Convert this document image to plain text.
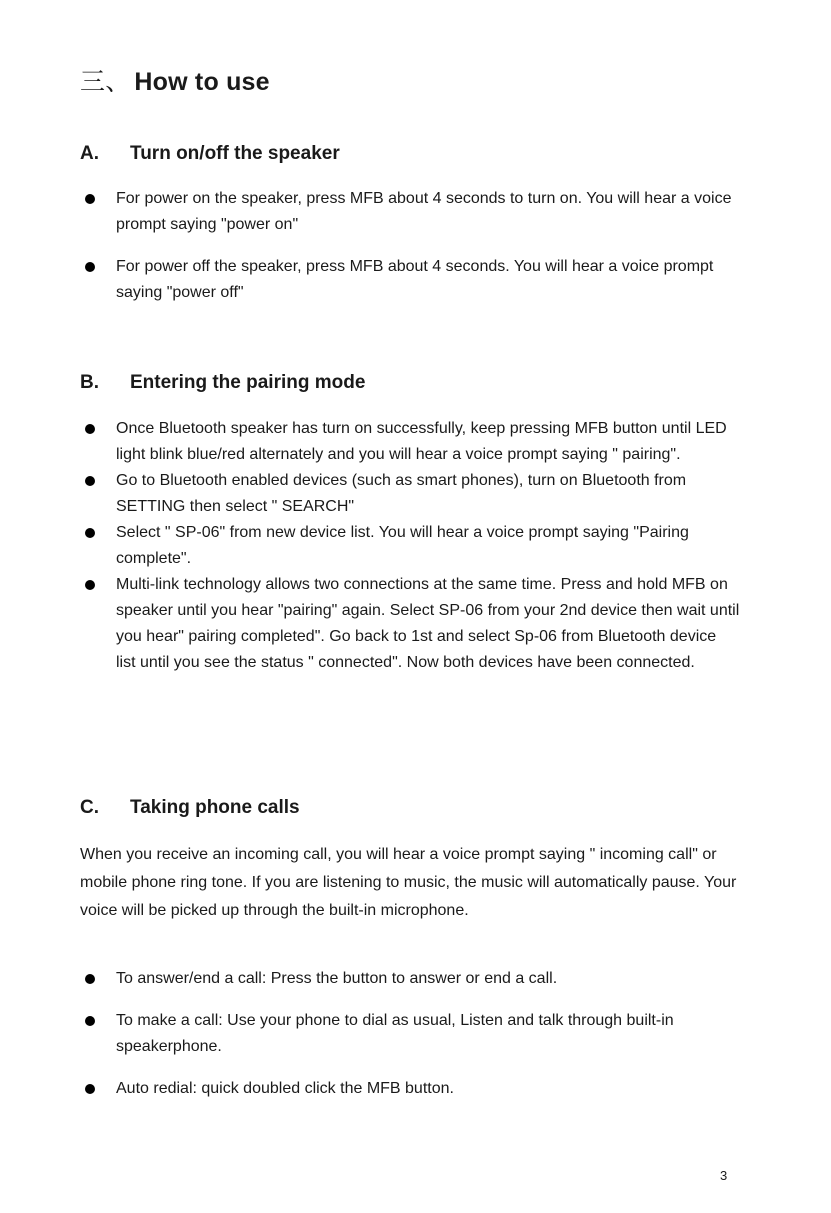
三、 How to use
A. Turn on/off the speaker
For power on the speaker, press MFB about 4 seconds to turn on. You will hear a voice prompt saying "power on"
For power off the speaker, press MFB about 4 seconds. You will hear a voice prompt saying "power off"
B. Entering the pairing mode
Once Bluetooth speaker has turn on successfully, keep pressing MFB button until LED light blink blue/red alternately and you will hear a voice prompt saying " pairing".
Go to Bluetooth enabled devices (such as smart phones), turn on Bluetooth from SETTING then select " SEARCH"
Select " SP-06" from new device list. You will hear a voice prompt saying "Pairing complete".
Multi-link technology allows two connections at the same time. Press and hold MFB on speaker until you hear "pairing" again. Select SP-06 from your 2nd device then wait until you hear" pairing completed". Go back to 1st and select Sp-06 from Bluetooth device list until you see the status " connected". Now both devices have been connected.
C. Taking phone calls

When you receive an incoming call, you will hear a voice prompt saying " incoming call" or mobile phone ring tone. If you are listening to music, the music will automatically pause. Your voice will be picked up through the built-in microphone.

To answer/end a call: Press the button to answer or end a call.
To make a call: Use your phone to dial as usual, Listen and talk through built-in speakerphone.
Auto redial: quick doubled click the MFB button.
3
